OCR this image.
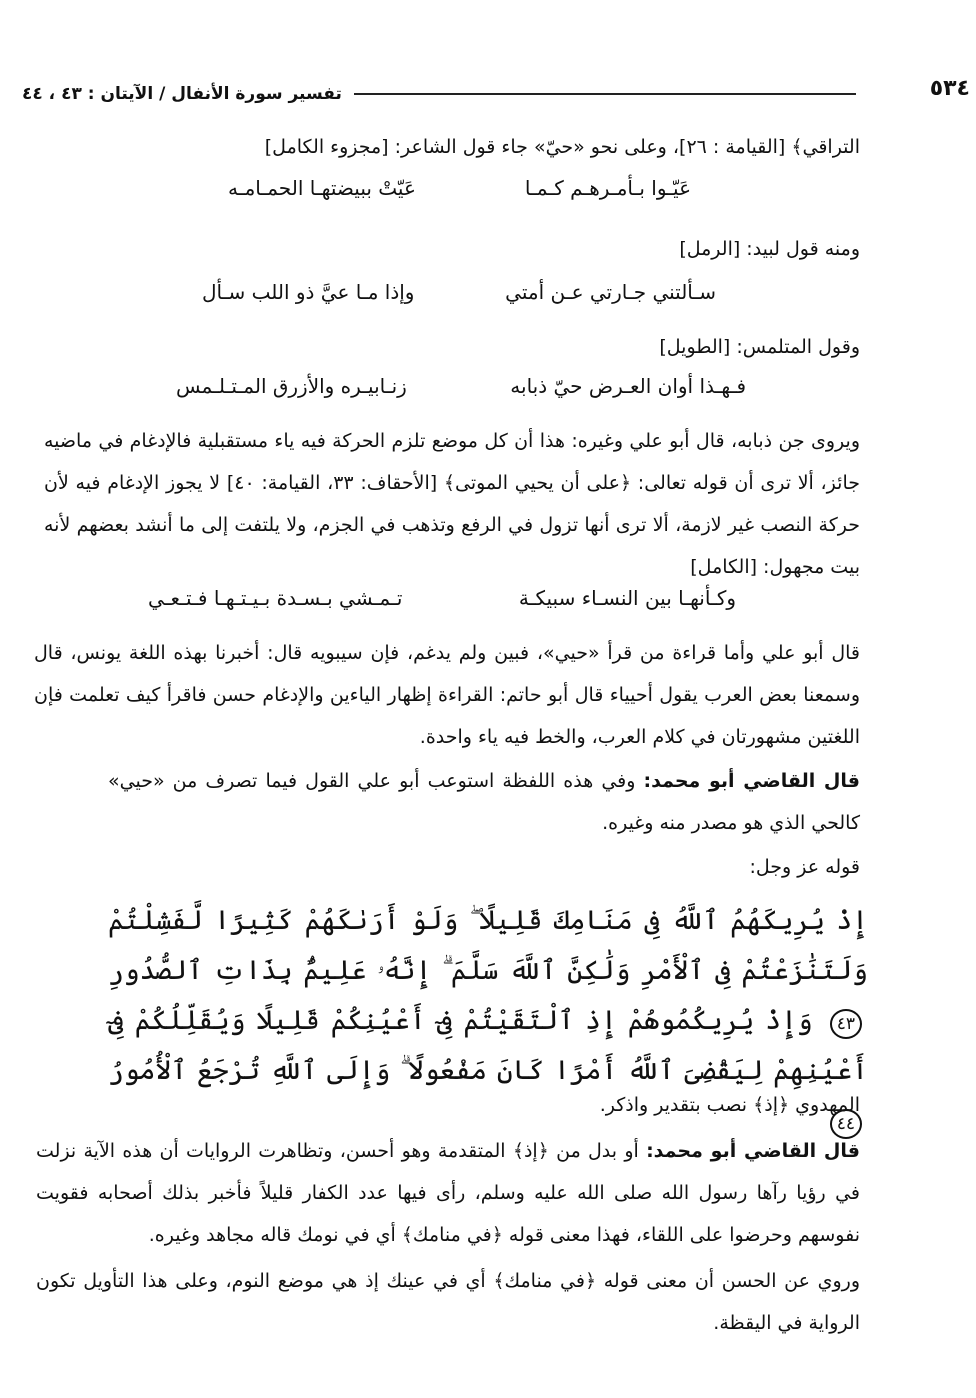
٥٣٤
تفسير سورة الأنفال / الآيتان : ٤٣ ، ٤٤
التراقي﴾ [القيامة : ٢٦]، وعلى نحو «حيّ» جاء قول الشاعر: [مجزوء الكامل]
عَيّـوا بـأمـرهـم كـمـا
عَيّتْ ببيضتهـا الحمـامـه
ومنه قول لبيد: [الرمل]
سـألتني جـارتي عـن أمتي
وإذا مـا عيَّ ذو اللب سـأل
وقول المتلمس: [الطويل]
فـهـذا أوان العـرض حيّ ذبابه
زنـابيـره والأزرق المـتـلـمس
ويروى جن ذبابه، قال أبو علي وغيره: هذا أن كل موضع تلزم الحركة فيه ياء مستقبلية فالإدغام في ماضيه جائز، ألا ترى أن قوله تعالى: ﴿على أن يحيي الموتى﴾ [الأحقاف: ٣٣، القيامة: ٤٠] لا يجوز الإدغام فيه لأن حركة النصب غير لازمة، ألا ترى أنها تزول في الرفع وتذهب في الجزم، ولا يلتفت إلى ما أنشد بعضهم لأنه بيت مجهول: [الكامل]
وكـأنهـا بين النسـاء سبيكـة
تـمـشي بـسـدة بـيـتـهـا فـتـعـي
قال أبو علي وأما قراءة من قرأ «حيي»، فبين ولم يدغم، فإن سيبويه قال: أخبرنا بهذه اللغة يونس، قال وسمعنا بعض العرب يقول أحيياء قال أبو حاتم: القراءة إظهار الياءين والإدغام حسن فاقرأ كيف تعلمت فإن اللغتين مشهورتان في كلام العرب، والخط فيه ياء واحدة.
قال القاضي أبو محمد: وفي هذه اللفظة استوعب أبو علي القول فيما تصرف من «حيي» كالحي الذي هو مصدر منه وغيره.
قوله عز وجل:
إِذْ يُرِيكَهُمُ ٱللَّهُ فِى مَنَامِكَ قَلِيلًا ۖ وَلَوْ أَرَىٰكَهُمْ كَثِيرًا لَّفَشِلْتُمْ وَلَتَنَٰزَعْتُمْ فِى ٱلْأَمْرِ وَلَٰكِنَّ ٱللَّهَ سَلَّمَ ۗ إِنَّهُۥ عَلِيمٌۢ بِذَاتِ ٱلصُّدُورِ ٤٣ وَإِذْ يُرِيكُمُوهُمْ إِذِ ٱلْتَقَيْتُمْ فِىٓ أَعْيُنِكُمْ قَلِيلًا وَيُقَلِّلُكُمْ فِىٓ أَعْيُنِهِمْ لِيَقْضِىَ ٱللَّهُ أَمْرًا كَانَ مَفْعُولًا ۗ وَإِلَى ٱللَّهِ تُرْجَعُ ٱلْأُمُورُ ٤٤
المهدوي ﴿إذ﴾ نصب بتقدير واذكر.
قال القاضي أبو محمد: أو بدل من ﴿إذ﴾ المتقدمة وهو أحسن، وتظاهرت الروايات أن هذه الآية نزلت في رؤيا رآها رسول الله صلى الله عليه وسلم، رأى فيها عدد الكفار قليلاً فأخبر بذلك أصحابه فقويت نفوسهم وحرضوا على اللقاء، فهذا معنى قوله ﴿في منامك﴾ أي في نومك قاله مجاهد وغيره.
وروي عن الحسن أن معنى قوله ﴿في منامك﴾ أي في عينك إذ هي موضع النوم، وعلى هذا التأويل تكون الرواية في اليقظة.
